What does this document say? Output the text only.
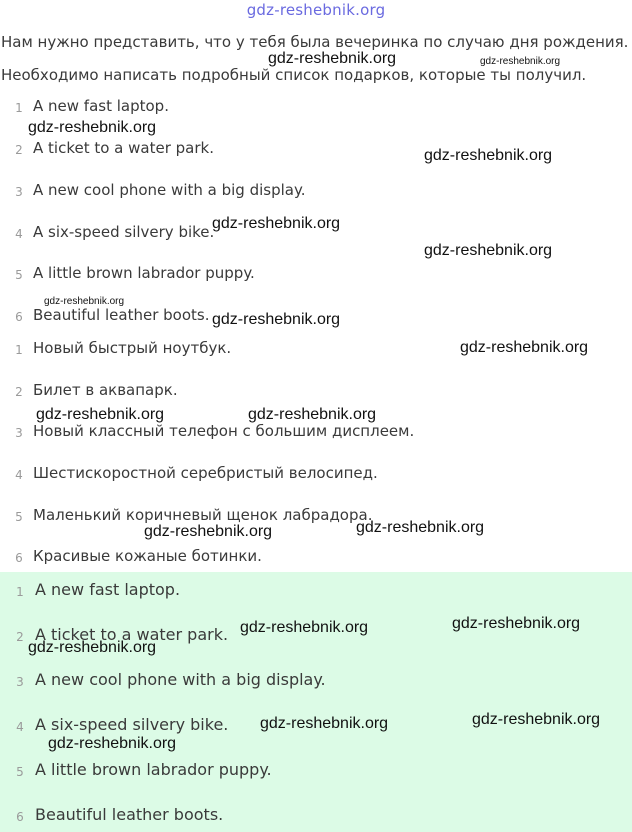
gdz-reshebnik.org
Нам нужно представить, что у тебя была вечеринка по случаю дня рождения.
Необходимо написать подробный список подарков, которые ты получил.
1 A new fast laptop.
2 A ticket to a water park.
3 A new cool phone with a big display.
4 A six-speed silvery bike.
5 A little brown labrador puppy.
6 Beautiful leather boots.
1 Новый быстрый ноутбук.
2 Билет в аквапарк.
3 Новый классный телефон с большим дисплеем.
4 Шестискоростной серебристый велосипед.
5 Маленький коричневый щенок лабрадора.
6 Красивые кожаные ботинки.
1 A new fast laptop.
2 A ticket to a water park.
3 A new cool phone with a big display.
4 A six-speed silvery bike.
5 A little brown labrador puppy.
6 Beautiful leather boots.
gdz-reshebnik.org	gdz-reshebnik.org
gdz-reshebnik.org
gdz-reshebnik.org
gdz-reshebnik.org
gdz-reshebnik.org
gdz-reshebnik.org
gdz-reshebnik.org
gdz-reshebnik.org
gdz-reshebnik.org	gdz-reshebnik.org
gdz-reshebnik.org
gdz-reshebnik.org
gdz-reshebnik.org
gdz-reshebnik.org
gdz-reshebnik.org
gdz-reshebnik.org
gdz-reshebnik.org
gdz-reshebnik.org
